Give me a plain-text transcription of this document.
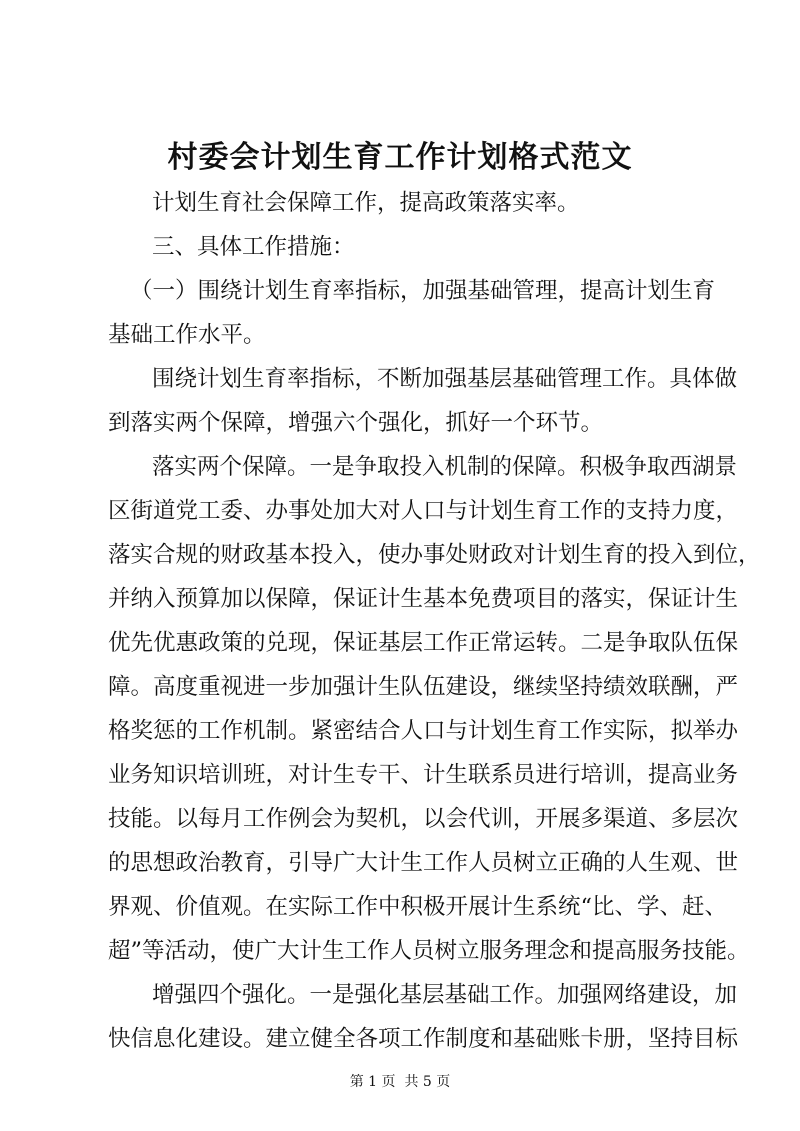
村委会计划生育工作计划格式范文
计划生育社会保障工作，提高政策落实率。
三、具体工作措施：
（一）围绕计划生育率指标，加强基础管理，提高计划生育
基础工作水平。
围绕计划生育率指标，不断加强基层基础管理工作。具体做
到落实两个保障，增强六个强化，抓好一个环节。
落实两个保障。一是争取投入机制的保障。积极争取西湖景
区街道党工委、办事处加大对人口与计划生育工作的支持力度，
落实合规的财政基本投入，使办事处财政对计划生育的投入到位，
并纳入预算加以保障，保证计生基本免费项目的落实，保证计生
优先优惠政策的兑现，保证基层工作正常运转。二是争取队伍保
障。高度重视进一步加强计生队伍建设，继续坚持绩效联酬，严
格奖惩的工作机制。紧密结合人口与计划生育工作实际，拟举办
业务知识培训班，对计生专干、计生联系员进行培训，提高业务
技能。以每月工作例会为契机，以会代训，开展多渠道、多层次
的思想政治教育，引导广大计生工作人员树立正确的人生观、世
界观、价值观。在实际工作中积极开展计生系统“比、学、赶、
超”等活动，使广大计生工作人员树立服务理念和提高服务技能。
增强四个强化。一是强化基层基础工作。加强网络建设，加
快信息化建设。建立健全各项工作制度和基础账卡册，坚持目标
第 1 页  共 5 页
